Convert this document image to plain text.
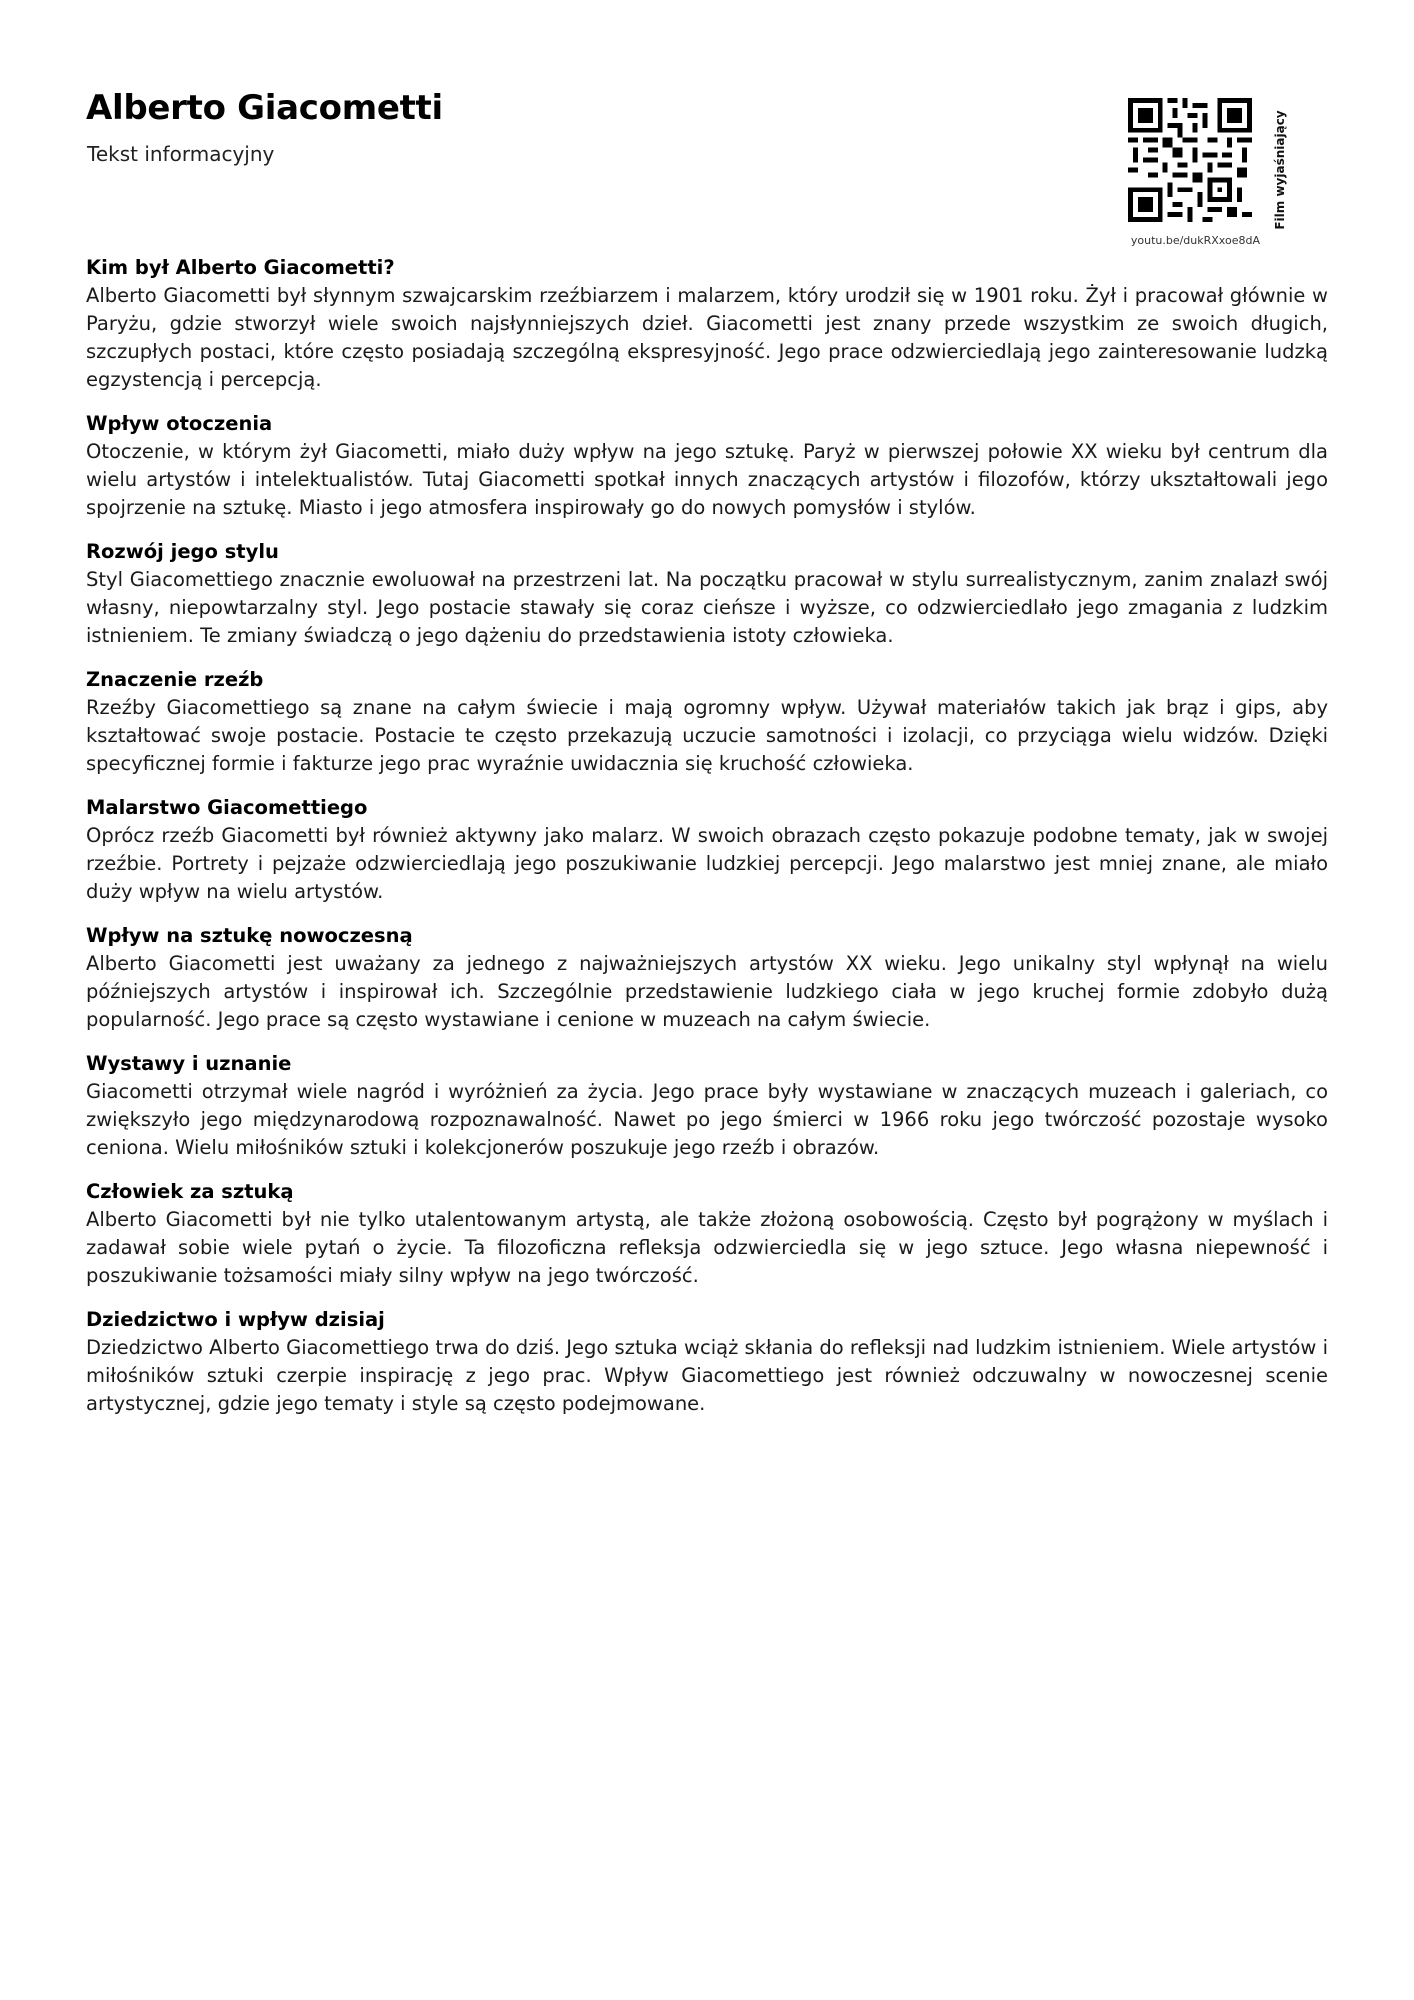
Alberto Giacometti
Tekst informacyjny
youtu.be/dukRXxoe8dA
Film wyjaśniający
Kim był Alberto Giacometti?

Alberto Giacometti był słynnym szwajcarskim rzeźbiarzem i malarzem, który urodził się w 1901 roku. Żył i pracował głównie w Paryżu, gdzie stworzył wiele swoich najsłynniejszych dzieł. Giacometti jest znany przede wszystkim ze swoich długich, szczupłych postaci, które często posiadają szczególną ekspresyjność. Jego prace odzwierciedlają jego zainteresowanie ludzką egzystencją i percepcją.

Wpływ otoczenia

Otoczenie, w którym żył Giacometti, miało duży wpływ na jego sztukę. Paryż w pierwszej połowie XX wieku był centrum dla wielu artystów i intelektualistów. Tutaj Giacometti spotkał innych znaczących artystów i filozofów, którzy ukształtowali jego spojrzenie na sztukę. Miasto i jego atmosfera inspirowały go do nowych pomysłów i stylów.

Rozwój jego stylu

Styl Giacomettiego znacznie ewoluował na przestrzeni lat. Na początku pracował w stylu surrealistycznym, zanim znalazł swój własny, niepowtarzalny styl. Jego postacie stawały się coraz cieńsze i wyższe, co odzwierciedlało jego zmagania z ludzkim istnieniem. Te zmiany świadczą o jego dążeniu do przedstawienia istoty człowieka.

Znaczenie rzeźb

Rzeźby Giacomettiego są znane na całym świecie i mają ogromny wpływ. Używał materiałów takich jak brąz i gips, aby kształtować swoje postacie. Postacie te często przekazują uczucie samotności i izolacji, co przyciąga wielu widzów. Dzięki specyficznej formie i fakturze jego prac wyraźnie uwidacznia się kruchość człowieka.

Malarstwo Giacomettiego

Oprócz rzeźb Giacometti był również aktywny jako malarz. W swoich obrazach często pokazuje podobne tematy, jak w swojej rzeźbie. Portrety i pejzaże odzwierciedlają jego poszukiwanie ludzkiej percepcji. Jego malarstwo jest mniej znane, ale miało duży wpływ na wielu artystów.

Wpływ na sztukę nowoczesną

Alberto Giacometti jest uważany za jednego z najważniejszych artystów XX wieku. Jego unikalny styl wpłynął na wielu późniejszych artystów i inspirował ich. Szczególnie przedstawienie ludzkiego ciała w jego kruchej formie zdobyło dużą popularność. Jego prace są często wystawiane i cenione w muzeach na całym świecie.

Wystawy i uznanie

Giacometti otrzymał wiele nagród i wyróżnień za życia. Jego prace były wystawiane w znaczących muzeach i galeriach, co zwiększyło jego międzynarodową rozpoznawalność. Nawet po jego śmierci w 1966 roku jego twórczość pozostaje wysoko ceniona. Wielu miłośników sztuki i kolekcjonerów poszukuje jego rzeźb i obrazów.

Człowiek za sztuką

Alberto Giacometti był nie tylko utalentowanym artystą, ale także złożoną osobowością. Często był pogrążony w myślach i zadawał sobie wiele pytań o życie. Ta filozoficzna refleksja odzwierciedla się w jego sztuce. Jego własna niepewność i poszukiwanie tożsamości miały silny wpływ na jego twórczość.

Dziedzictwo i wpływ dzisiaj

Dziedzictwo Alberto Giacomettiego trwa do dziś. Jego sztuka wciąż skłania do refleksji nad ludzkim istnieniem. Wiele artystów i miłośników sztuki czerpie inspirację z jego prac. Wpływ Giacomettiego jest również odczuwalny w nowoczesnej scenie artystycznej, gdzie jego tematy i style są często podejmowane.
